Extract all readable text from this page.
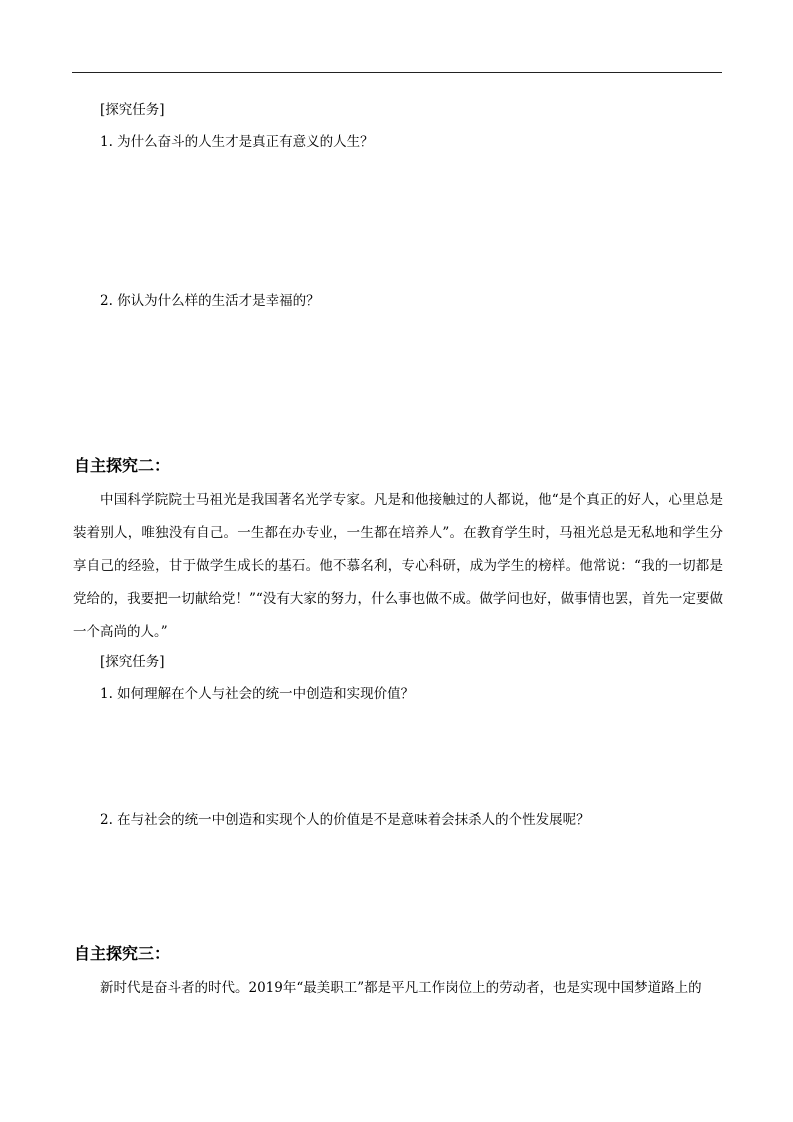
[探究任务]
1. 为什么奋斗的人生才是真正有意义的人生？
2. 你认为什么样的生活才是幸福的？
自主探究二：
中国科学院院士马祖光是我国著名光学专家。凡是和他接触过的人都说，他“是个真正的好人，心里总是装着别人，唯独没有自己。一生都在办专业，一生都在培养人”。在教育学生时，马祖光总是无私地和学生分享自己的经验，甘于做学生成长的基石。他不慕名利，专心科研，成为学生的榜样。他常说：“我的一切都是党给的，我要把一切献给党！”“没有大家的努力，什么事也做不成。做学问也好，做事情也罢，首先一定要做一个高尚的人。”
[探究任务]
1. 如何理解在个人与社会的统一中创造和实现价值？
2. 在与社会的统一中创造和实现个人的价值是不是意味着会抹杀人的个性发展呢？
自主探究三：
新时代是奋斗者的时代。2019年“最美职工”都是平凡工作岗位上的劳动者，也是实现中国梦道路上的
